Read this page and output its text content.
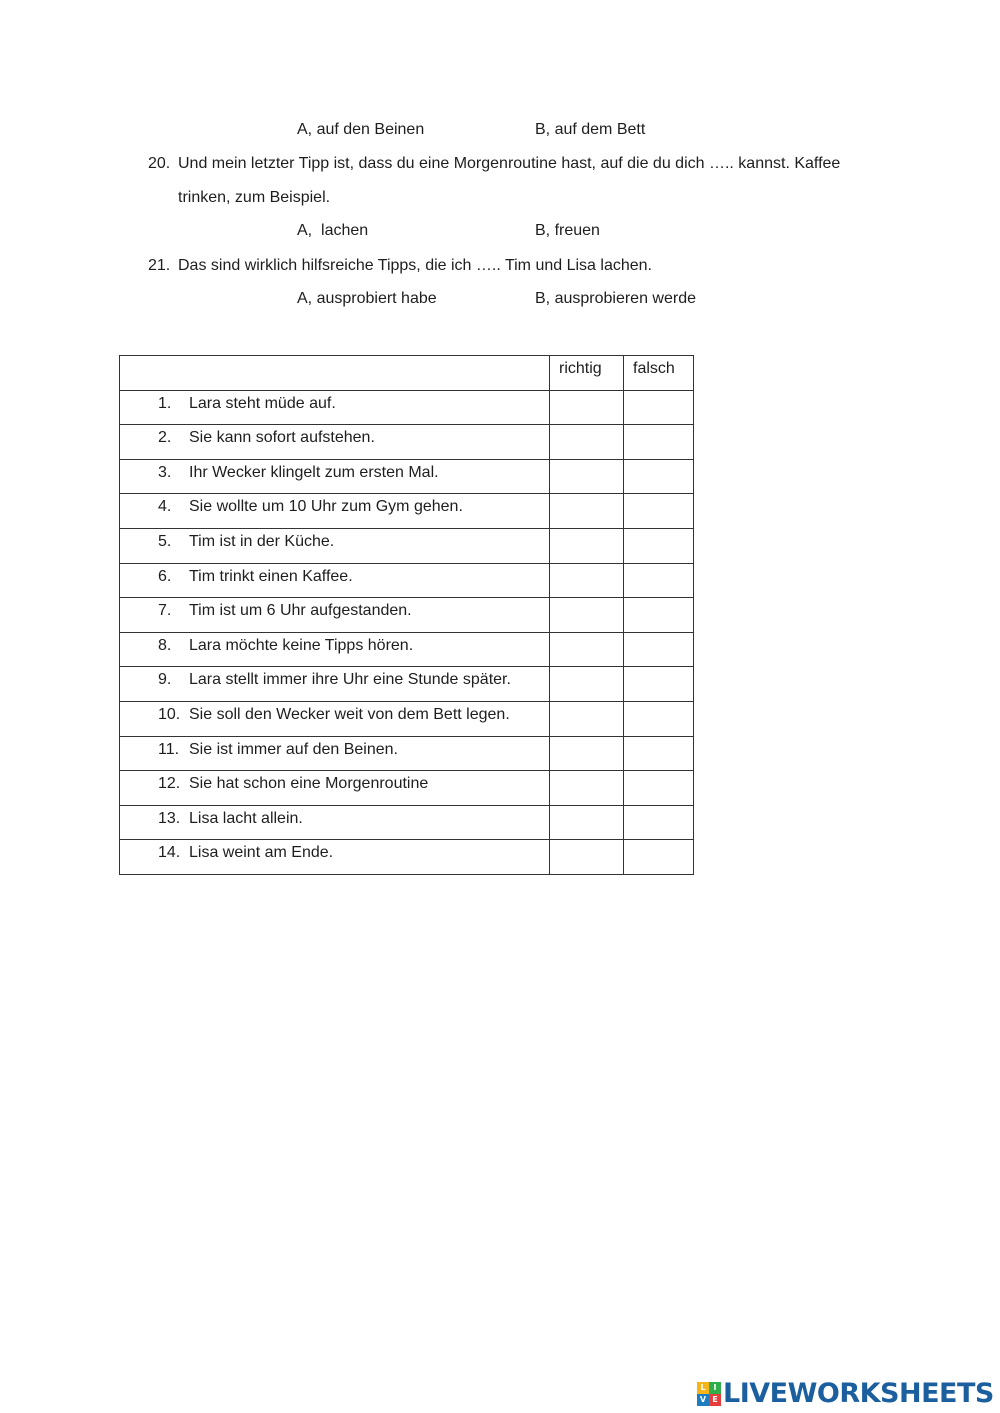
A, auf den Beinen	B, auf dem Bett
20. Und mein letzter Tipp ist, dass du eine Morgenroutine hast, auf die du dich ….. kannst. Kaffee
trinken, zum Beispiel.
A,  lachen	B, freuen
21. Das sind wirklich hilfsreiche Tipps, die ich ….. Tim und Lisa lachen.
A, ausprobiert habe	B, ausprobieren werde

	richtig	falsch

1. Lara steht müde auf.		

2. Sie kann sofort aufstehen.		

3. Ihr Wecker klingelt zum ersten Mal.		

4. Sie wollte um 10 Uhr zum Gym gehen.		

5. Tim ist in der Küche.		

6. Tim trinkt einen Kaffee.		

7. Tim ist um 6 Uhr aufgestanden.		

8. Lara möchte keine Tipps hören.		

9. Lara stellt immer ihre Uhr eine Stunde später.		

10. Sie soll den Wecker weit von dem Bett legen.		

11. Sie ist immer auf den Beinen.		

12. Sie hat schon eine Morgenroutine		

13. Lisa lacht allein.		

14. Lisa weint am Ende.		

L I
V E LIVEWORKSHEETS
